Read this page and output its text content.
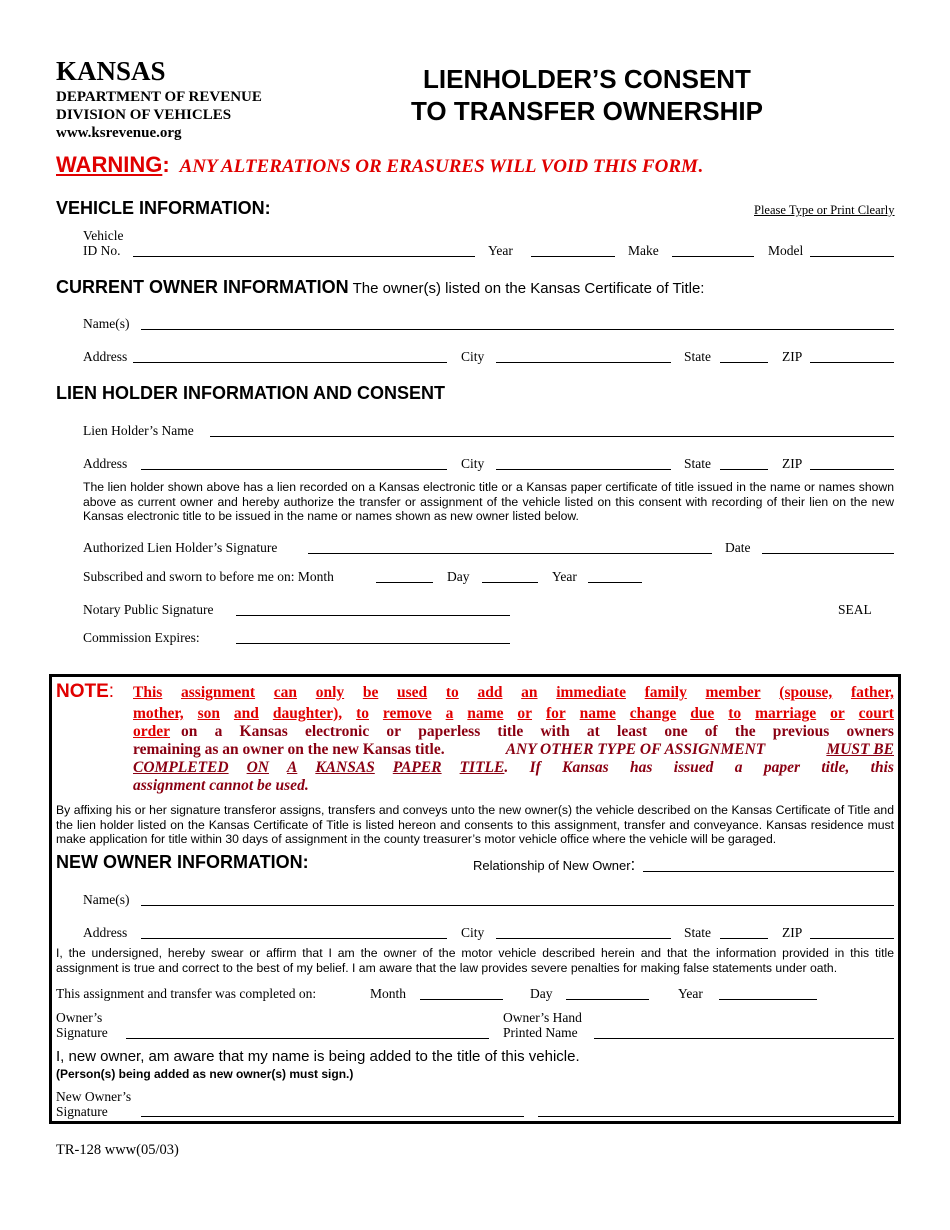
KANSAS
DEPARTMENT OF REVENUE
DIVISION OF VEHICLES
www.ksrevenue.org
LIENHOLDER’S CONSENT
TO TRANSFER OWNERSHIP
WARNING: ANY ALTERATIONS OR ERASURES WILL VOID THIS FORM.
VEHICLE INFORMATION:	Please Type or Print Clearly
Vehicle
ID No.	Year	Make	Model
CURRENT OWNER INFORMATION The owner(s) listed on the Kansas Certificate of Title:
Name(s)
Address	City	State	ZIP
LIEN HOLDER INFORMATION AND CONSENT
Lien Holder’s Name
Address	City	State	ZIP
The lien holder shown above has a lien recorded on a Kansas electronic title or a Kansas paper certificate of title issued in the name or names shown above as current owner and hereby authorize the transfer or assignment of the vehicle listed on this consent with recording of their lien on the new Kansas electronic title to be issued in the name or names shown as new owner listed below.
Authorized Lien Holder’s Signature	Date
Subscribed and sworn to before me on: Month	Day	Year
Notary Public Signature	SEAL
Commission Expires:
NOTE: This assignment can only be used to add an immediate family member (spouse, father,
mother, son and daughter), to remove a name or for name change due to marriage or court
order on a Kansas electronic or paperless title with at least one of the previous owners
remaining as an owner on the new Kansas title.	ANY OTHER TYPE OF ASSIGNMENT	MUST BE
COMPLETED ON A KANSAS PAPER TITLE . If Kansas has issued a paper title, this
assignment cannot be used.
By affixing his or her signature transferor assigns, transfers and conveys unto the new owner(s) the vehicle described on the Kansas Certificate of Title and the lien holder listed on the Kansas Certificate of Title is listed hereon and consents to this assignment, transfer and conveyance. Kansas residence must make application for title within 30 days of assignment in the county treasurer’s motor vehicle office where the vehicle will be garaged.
NEW OWNER INFORMATION:	Relationship of New Owner:
Name(s)
Address	City	State	ZIP
I, the undersigned, hereby swear or affirm that I am the owner of the motor vehicle described herein and that the information provided in this title assignment is true and correct to the best of my belief. I am aware that the law provides severe penalties for making false statements under oath.
This assignment and transfer was completed on:	Month	Day	Year
Owner’s
Signature
Owner’s Hand
Printed Name
I, new owner, am aware that my name is being added to the title of this vehicle.
(Person(s) being added as new owner(s) must sign.)
New Owner’s
Signature
TR-128 www(05/03)
